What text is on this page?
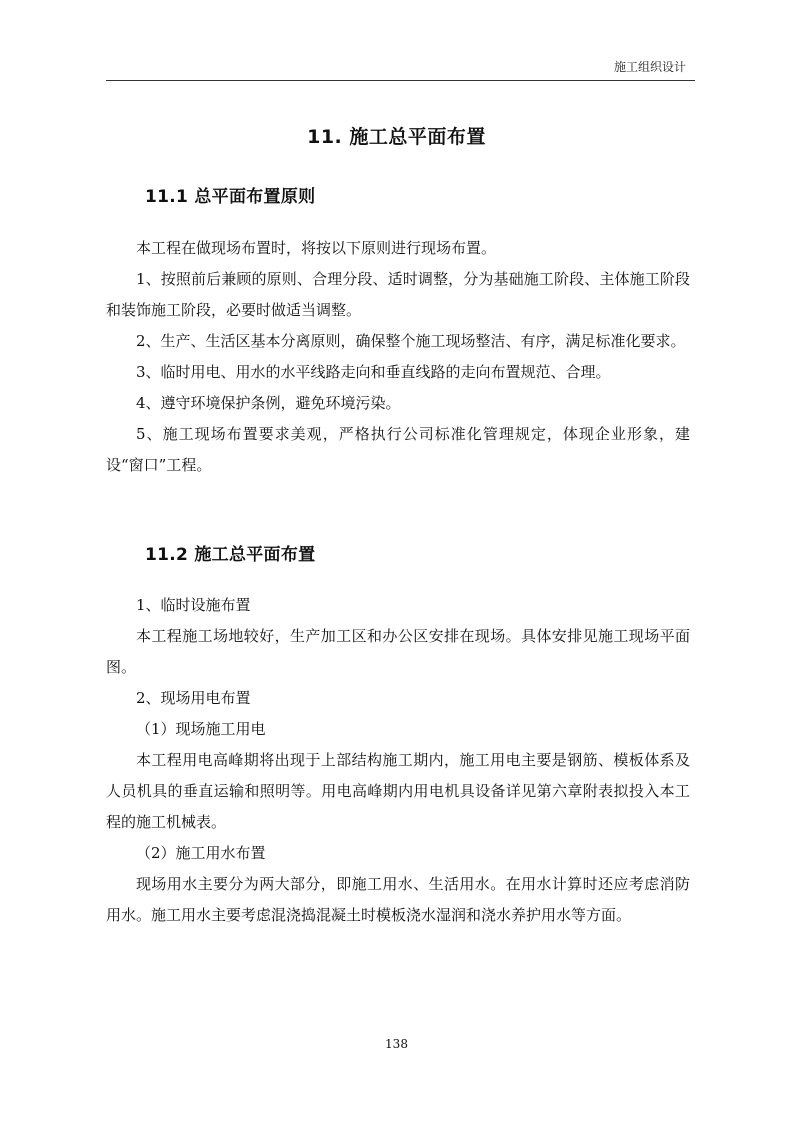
施工组织设计
11. 施工总平面布置
11.1 总平面布置原则

本工程在做现场布置时，将按以下原则进行现场布置。

1、按照前后兼顾的原则、合理分段、适时调整，分为基础施工阶段、主体施工阶段和装饰施工阶段，必要时做适当调整。

2、生产、生活区基本分离原则，确保整个施工现场整洁、有序，满足标准化要求。

3、临时用电、用水的水平线路走向和垂直线路的走向布置规范、合理。

4、遵守环境保护条例，避免环境污染。

5、施工现场布置要求美观，严格执行公司标准化管理规定，体现企业形象，建设“窗口”工程。

11.2 施工总平面布置

1、临时设施布置

本工程施工场地较好，生产加工区和办公区安排在现场。具体安排见施工现场平面图。

2、现场用电布置

（1）现场施工用电

本工程用电高峰期将出现于上部结构施工期内，施工用电主要是钢筋、模板体系及人员机具的垂直运输和照明等。用电高峰期内用电机具设备详见第六章附表拟投入本工程的施工机械表。

（2）施工用水布置

现场用水主要分为两大部分，即施工用水、生活用水。在用水计算时还应考虑消防用水。施工用水主要考虑混浇捣混凝土时模板浇水湿润和浇水养护用水等方面。

138
